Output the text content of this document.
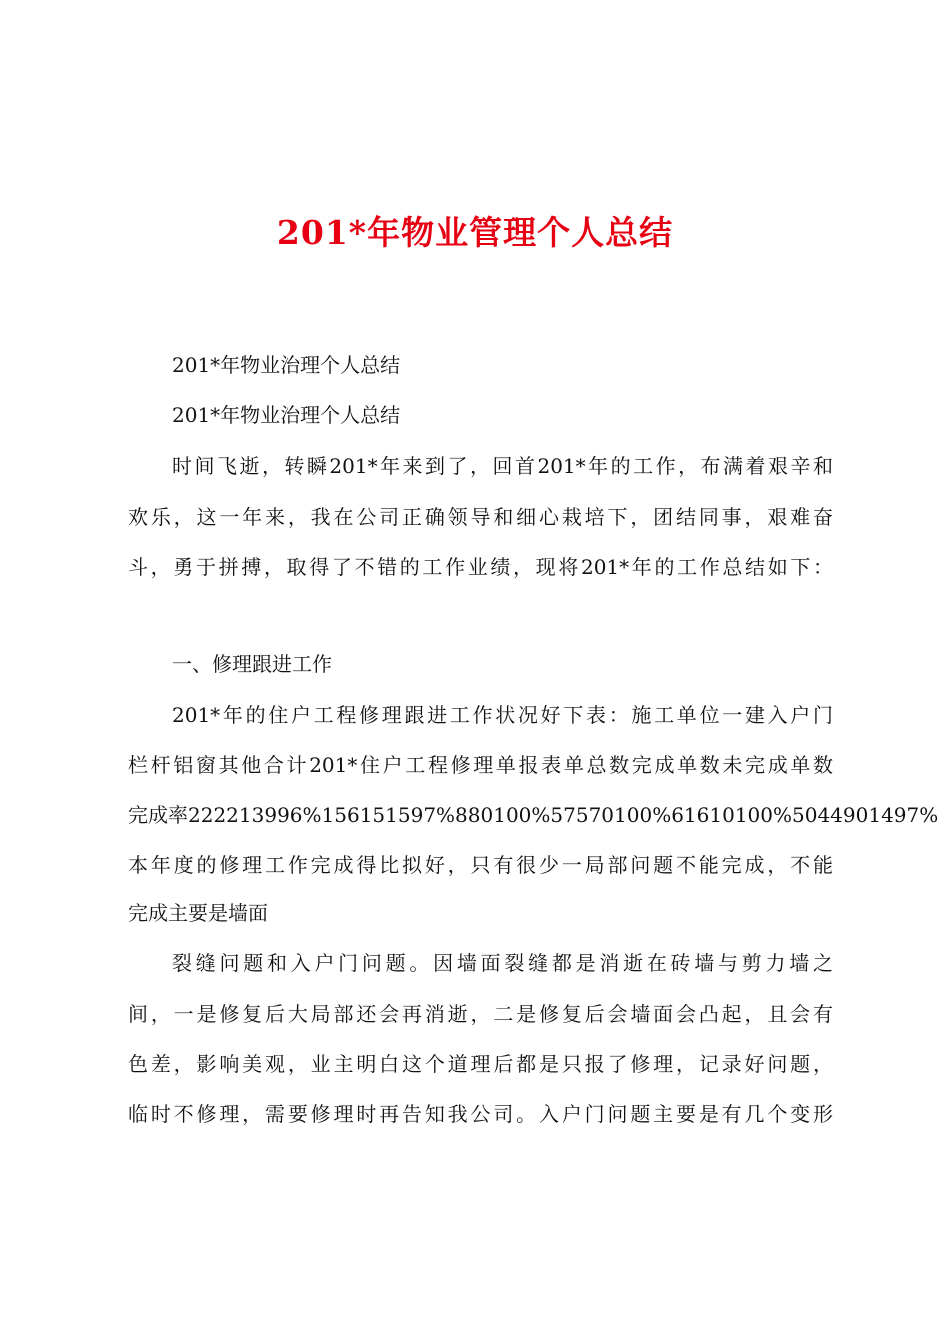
201*年物业管理个人总结
201*年物业治理个人总结
201*年物业治理个人总结
时间飞逝，转瞬201*年来到了，回首201*年的工作，布满着艰辛和
欢乐，这一年来，我在公司正确领导和细心栽培下，团结同事，艰难奋
斗，勇于拼搏，取得了不错的工作业绩，现将201*年的工作总结如下：
一、修理跟进工作
201*年的住户工程修理跟进工作状况好下表：施工单位一建入户门
栏杆铝窗其他合计201*住户工程修理单报表单总数完成单数未完成单数
完成率222213996%156151597%880100%57570100%61610100%5044901497%
本年度的修理工作完成得比拟好，只有很少一局部问题不能完成，不能
完成主要是墙面
裂缝问题和入户门问题。因墙面裂缝都是消逝在砖墙与剪力墙之
间，一是修复后大局部还会再消逝，二是修复后会墙面会凸起，且会有
色差，影响美观，业主明白这个道理后都是只报了修理，记录好问题，
临时不修理，需要修理时再告知我公司。入户门问题主要是有几个变形
